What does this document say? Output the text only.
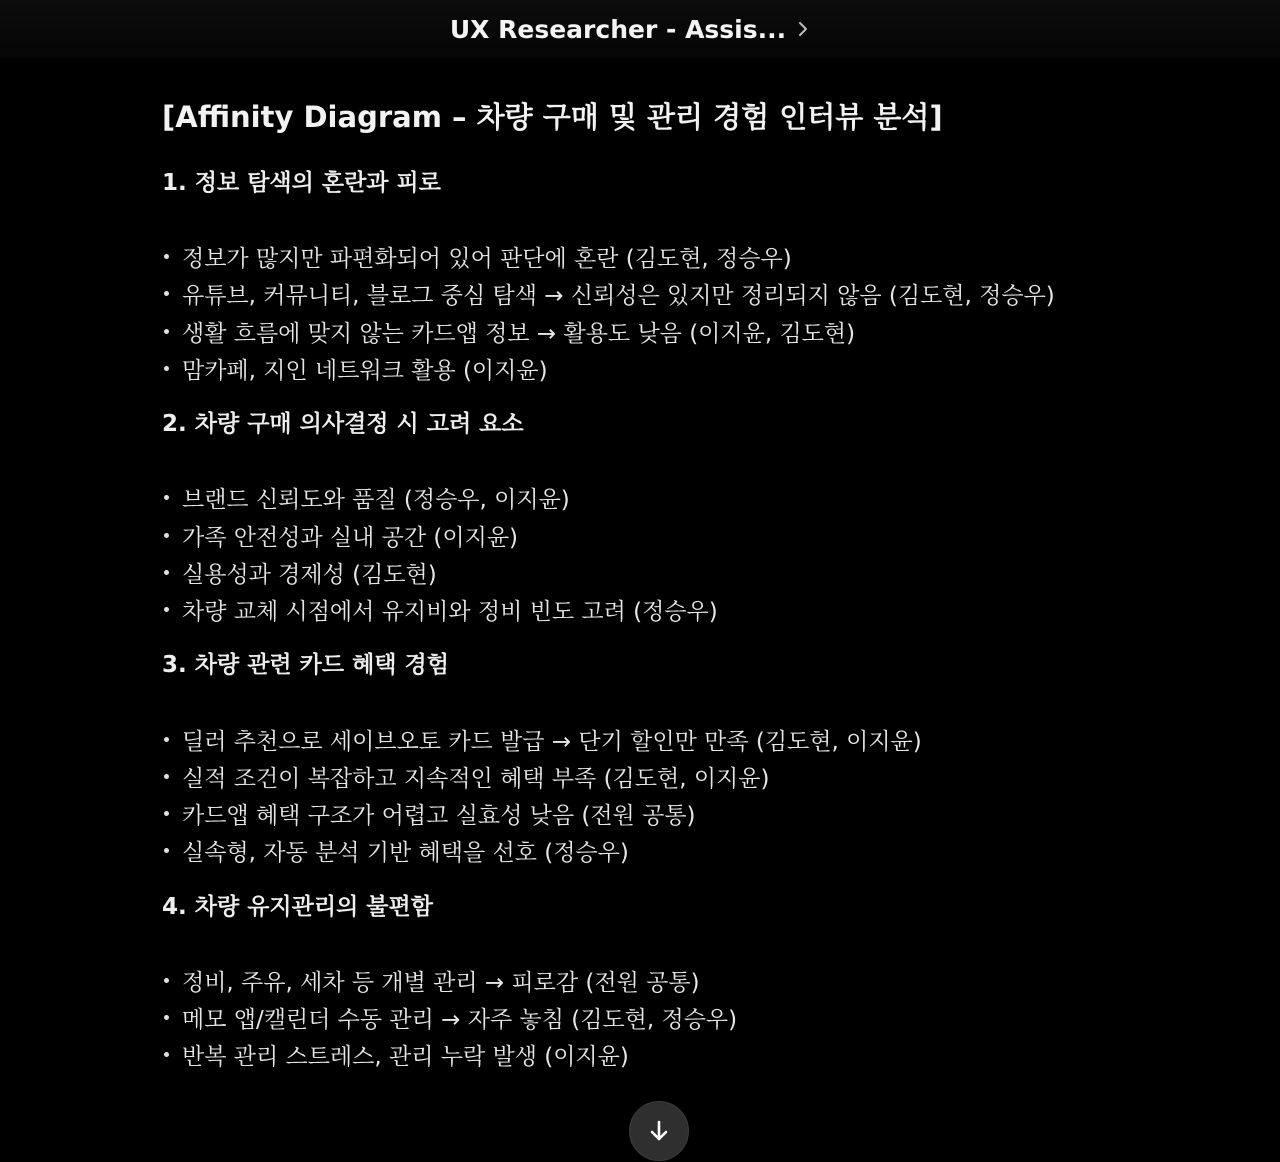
UX Researcher - Assis...
[Affinity Diagram – 차량 구매 및 관리 경험 인터뷰 분석]
1. 정보 탐색의 혼란과 피로
정보가 많지만 파편화되어 있어 판단에 혼란 (김도현, 정승우)
유튜브, 커뮤니티, 블로그 중심 탐색 → 신뢰성은 있지만 정리되지 않음 (김도현, 정승우)
생활 흐름에 맞지 않는 카드앱 정보 → 활용도 낮음 (이지윤, 김도현)
맘카페, 지인 네트워크 활용 (이지윤)
2. 차량 구매 의사결정 시 고려 요소
브랜드 신뢰도와 품질 (정승우, 이지윤)
가족 안전성과 실내 공간 (이지윤)
실용성과 경제성 (김도현)
차량 교체 시점에서 유지비와 정비 빈도 고려 (정승우)
3. 차량 관련 카드 혜택 경험
딜러 추천으로 세이브오토 카드 발급 → 단기 할인만 만족 (김도현, 이지윤)
실적 조건이 복잡하고 지속적인 혜택 부족 (김도현, 이지윤)
카드앱 혜택 구조가 어렵고 실효성 낮음 (전원 공통)
실속형, 자동 분석 기반 혜택을 선호 (정승우)
4. 차량 유지관리의 불편함
정비, 주유, 세차 등 개별 관리 → 피로감 (전원 공통)
메모 앱/캘린더 수동 관리 → 자주 놓침 (김도현, 정승우)
반복 관리 스트레스, 관리 누락 발생 (이지윤)
